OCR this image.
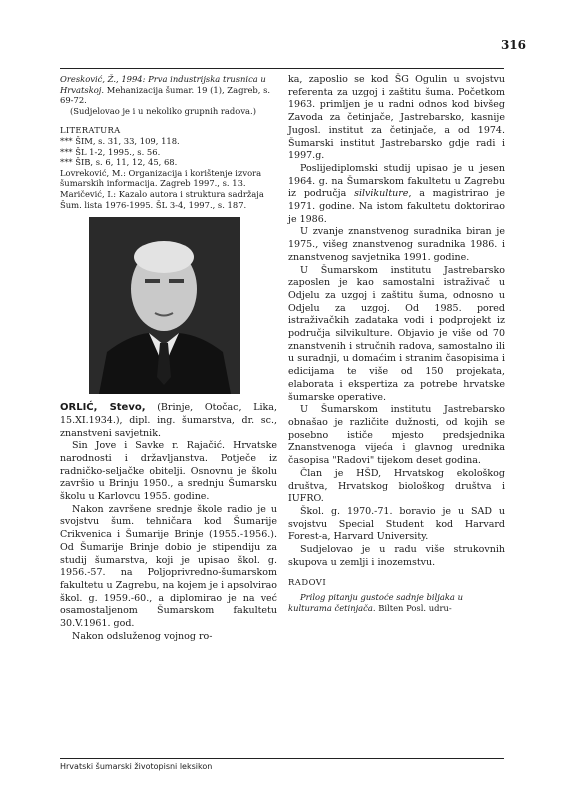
316

Oresković, Ž., 1994: Prva industrijska trusnica u Hrvatskoj. Mehanizacija šumar. 19 (1), Zagreb, s. 69-72.

(Sudjelovao je i u nekoliko grupnih radova.)

LITERATURA

*** ŠIM, s. 31, 33, 109, 118.

*** ŠL 1-2, 1995., s. 56.

*** ŠIB, s. 6, 11, 12, 45, 68.

Lovreković, M.: Organizacija i korištenje izvora šumarskih informacija. Zagreb 1997., s. 13.

Maričević, I.: Kazalo autora i struktura sadržaja Šum. lista 1976-1995. ŠL 3-4, 1997., s. 187.

ORLIĆ, Stevo, (Brinje, Otočac, Lika, 15.XI.1934.), dipl. ing. šumarstva, dr. sc., znanstveni savjetnik.

Sin Jove i Savke r. Rajačić. Hrvatske narodnosti i državljanstva. Potječe iz radničko-seljačke obitelji. Osnovnu je školu završio u Brinju 1950., a srednju Šumarsku školu u Karlovcu 1955. godine.

Nakon završene srednje škole radio je u svojstvu šum. tehničara kod Šumarije Crikvenica i Šumarije Brinje (1955.-1956.). Od Šumarije Brinje dobio je stipendiju za studij šumarstva, koji je upisao škol. g. 1956.-57. na Poljoprivredno-šumarskom fakultetu u Zagrebu, na kojem je i apsolvirao škol. g. 1959.-60., a diplomirao je na već osamostaljenom Šumarskom fakultetu 30.V.1961. god.

Nakon odsluženog vojnog ro-

ka, zaposlio se kod ŠG Ogulin u svojstvu referenta za uzgoj i zaštitu šuma. Početkom 1963. primljen je u radni odnos kod bivšeg Zavoda za četinjače, Jastrebarsko, kasnije Jugosl. institut za četinjače, a od 1974. Šumarski institut Jastrebarsko gdje radi i 1997.g.

Poslijediplomski studij upisao je u jesen 1964. g. na Šumarskom fakultetu u Zagrebu iz područja silvikulture, a magistrirao je 1971. godine. Na istom fakultetu doktorirao je 1986.

U zvanje znanstvenog suradnika biran je 1975., višeg znanstvenog suradnika 1986. i znanstvenog savjetnika 1991. godine.

U Šumarskom institutu Jastrebarsko zaposlen je kao samostalni istraživač u Odjelu za uzgoj i zaštitu šuma, odnosno u Odjelu za uzgoj. Od 1985. pored istraživačkih zadataka vodi i podprojekt iz područja silvikulture. Objavio je više od 70 znanstvenih i stručnih radova, samostalno ili u suradnji, u domaćim i stranim časopisima i edicijama te više od 150 projekata, elaborata i ekspertiza za potrebe hrvatske šumarske operative.

U Šumarskom institutu Jastrebarsko obnašao je različite dužnosti, od kojih se posebno ističe mjesto predsjednika Znanstvenoga vijeća i glavnog urednika časopisa "Radovi" tijekom deset godina.

Član je HŠD, Hrvatskog ekološkog društva, Hrvatskog biološkog društva i IUFRO.

Škol. g. 1970.-71. boravio je u SAD u svojstvu Special Student kod Harvard Forest-a, Harvard University.

Sudjelovao je u radu više strukovnih skupova u zemlji i inozemstvu.

RADOVI

Prilog pitanju gustoće sadnje biljaka u kulturama četinjača. Bilten Posl. udru-

Hrvatski šumarski životopisni leksikon
